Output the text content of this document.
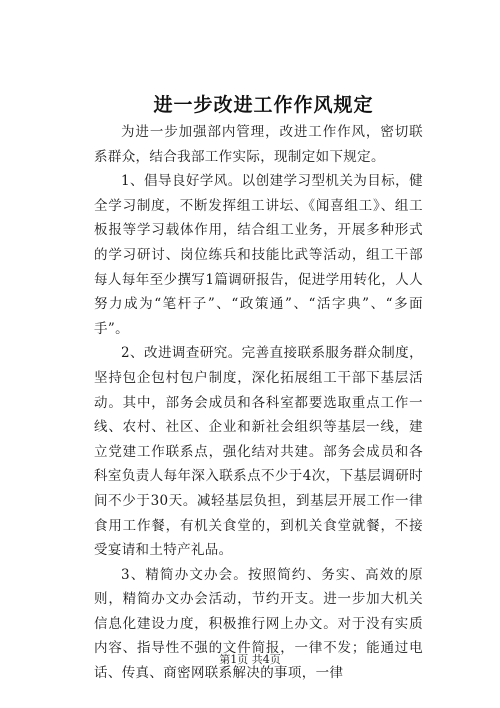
进一步改进工作作风规定

为进一步加强部内管理，改进工作作风，密切联系群众，结合我部工作实际，现制定如下规定。

1、倡导良好学风。以创建学习型机关为目标，健全学习制度，不断发挥组工讲坛、《闻喜组工》、组工板报等学习载体作用，结合组工业务，开展多种形式的学习研讨、岗位练兵和技能比武等活动，组工干部每人每年至少撰写1篇调研报告，促进学用转化，人人努力成为“笔杆子”、“政策通”、“活字典”、“多面手”。

2、改进调查研究。完善直接联系服务群众制度，坚持包企包村包户制度，深化拓展组工干部下基层活动。其中，部务会成员和各科室都要选取重点工作一线、农村、社区、企业和新社会组织等基层一线，建立党建工作联系点，强化结对共建。部务会成员和各科室负责人每年深入联系点不少于4次，下基层调研时间不少于30天。减轻基层负担，到基层开展工作一律食用工作餐，有机关食堂的，到机关食堂就餐，不接受宴请和土特产礼品。

3、精简办文办会。按照简约、务实、高效的原则，精简办文办会活动，节约开支。进一步加大机关信息化建设力度，积极推行网上办文。对于没有实质内容、指导性不强的文件简报，一律不发；能通过电话、传真、商密网联系解决的事项，一律

第1页 共4页
